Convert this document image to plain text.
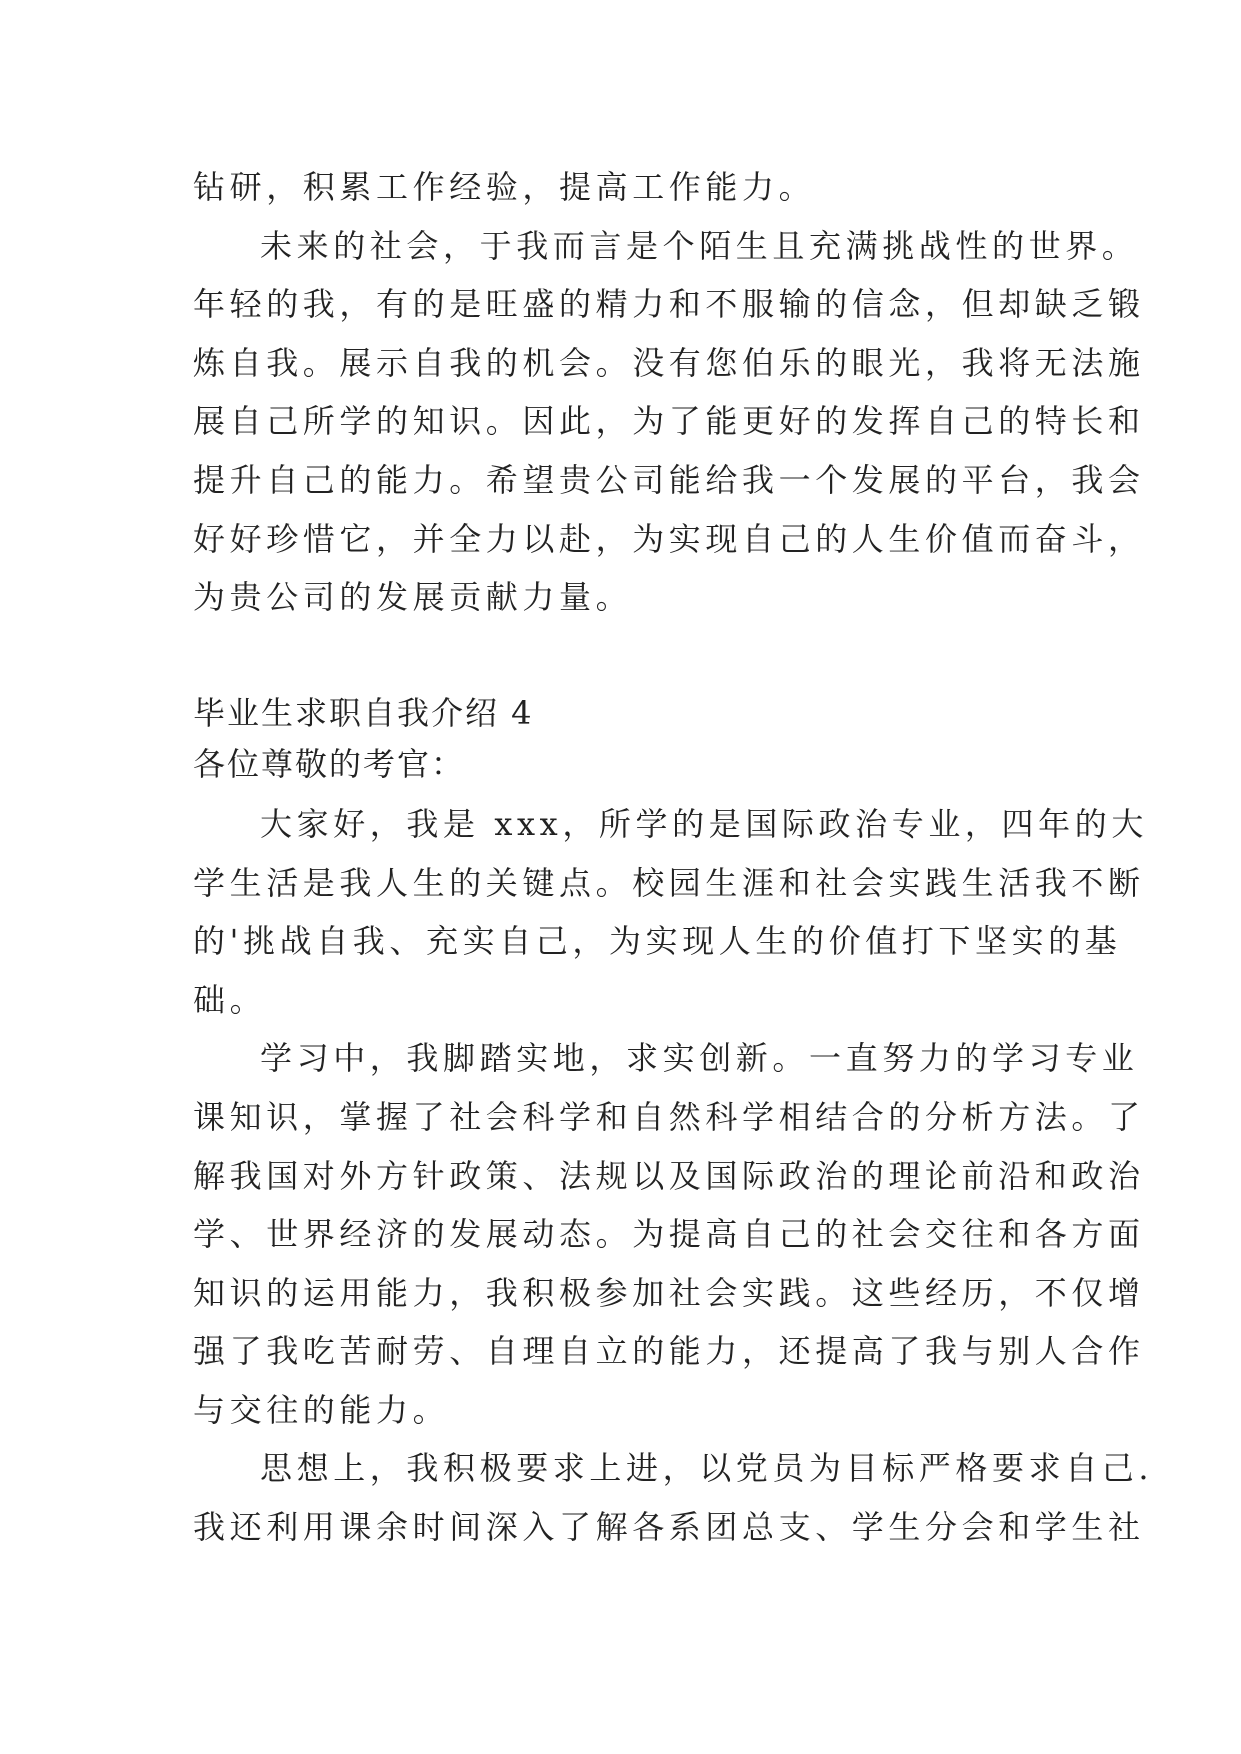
钻研，积累工作经验，提高工作能力。
未来的社会，于我而言是个陌生且充满挑战性的世界。
年轻的我，有的是旺盛的精力和不服输的信念，但却缺乏锻
炼自我。展示自我的机会。没有您伯乐的眼光，我将无法施
展自己所学的知识。因此，为了能更好的发挥自己的特长和
提升自己的能力。希望贵公司能给我一个发展的平台，我会
好好珍惜它，并全力以赴，为实现自己的人生价值而奋斗，
为贵公司的发展贡献力量。
毕业生求职自我介绍 4
各位尊敬的考官：
大家好，我是 xxx，所学的是国际政治专业，四年的大
学生活是我人生的关键点。校园生涯和社会实践生活我不断
的'挑战自我、充实自己，为实现人生的价值打下坚实的基
础。
学习中，我脚踏实地，求实创新。一直努力的学习专业
课知识，掌握了社会科学和自然科学相结合的分析方法。了
解我国对外方针政策、法规以及国际政治的理论前沿和政治
学、世界经济的发展动态。为提高自己的社会交往和各方面
知识的运用能力，我积极参加社会实践。这些经历，不仅增
强了我吃苦耐劳、自理自立的能力，还提高了我与别人合作
与交往的能力。
思想上，我积极要求上进，以党员为目标严格要求自己.
我还利用课余时间深入了解各系团总支、学生分会和学生社
